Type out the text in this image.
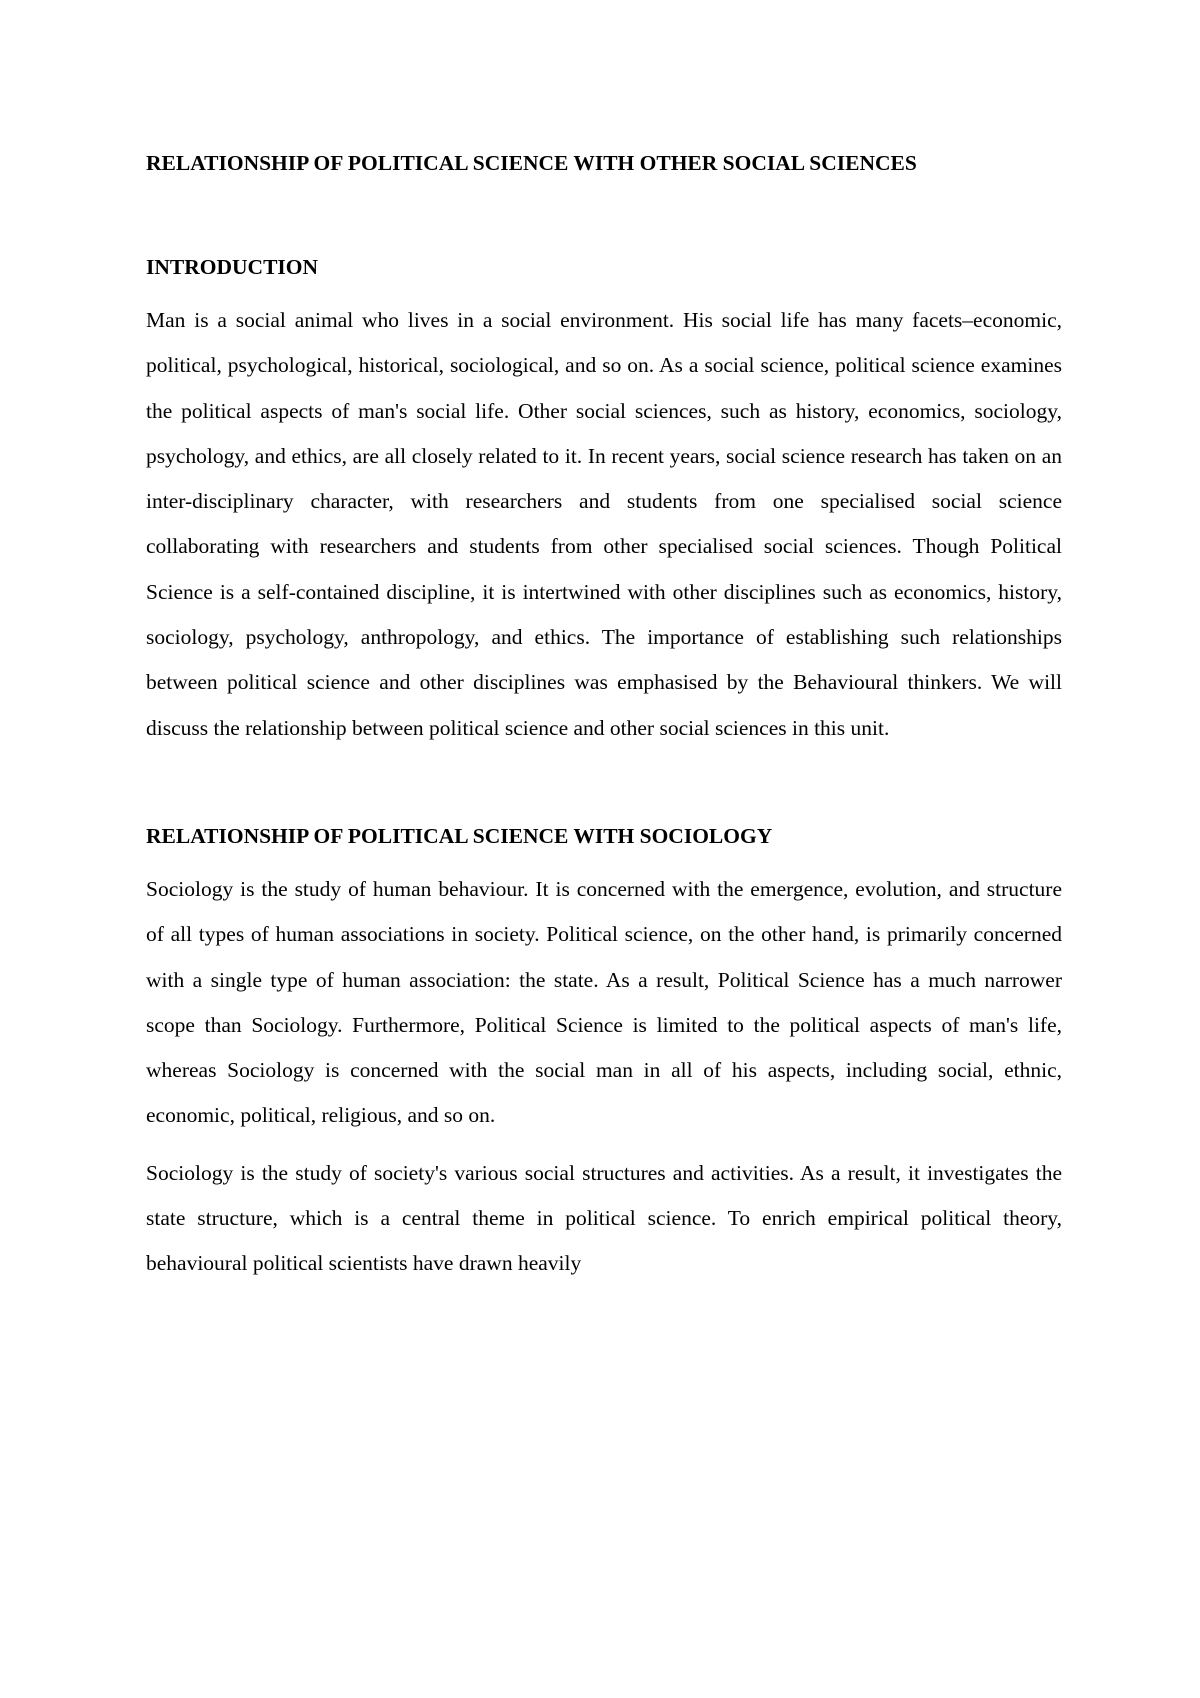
RELATIONSHIP OF POLITICAL SCIENCE WITH OTHER SOCIAL SCIENCES
INTRODUCTION

Man is a social animal who lives in a social environment. His social life has many facets–economic, political, psychological, historical, sociological, and so on. As a social science, political science examines the political aspects of man's social life. Other social sciences, such as history, economics, sociology, psychology, and ethics, are all closely related to it. In recent years, social science research has taken on an inter-disciplinary character, with researchers and students from one specialised social science collaborating with researchers and students from other specialised social sciences. Though Political Science is a self-contained discipline, it is intertwined with other disciplines such as economics, history, sociology, psychology, anthropology, and ethics. The importance of establishing such relationships between political science and other disciplines was emphasised by the Behavioural thinkers. We will discuss the relationship between political science and other social sciences in this unit.

RELATIONSHIP OF POLITICAL SCIENCE WITH SOCIOLOGY

Sociology is the study of human behaviour. It is concerned with the emergence, evolution, and structure of all types of human associations in society. Political science, on the other hand, is primarily concerned with a single type of human association: the state. As a result, Political Science has a much narrower scope than Sociology. Furthermore, Political Science is limited to the political aspects of man's life, whereas Sociology is concerned with the social man in all of his aspects, including social, ethnic, economic, political, religious, and so on.

Sociology is the study of society's various social structures and activities. As a result, it investigates the state structure, which is a central theme in political science. To enrich empirical political theory, behavioural political scientists have drawn heavily
